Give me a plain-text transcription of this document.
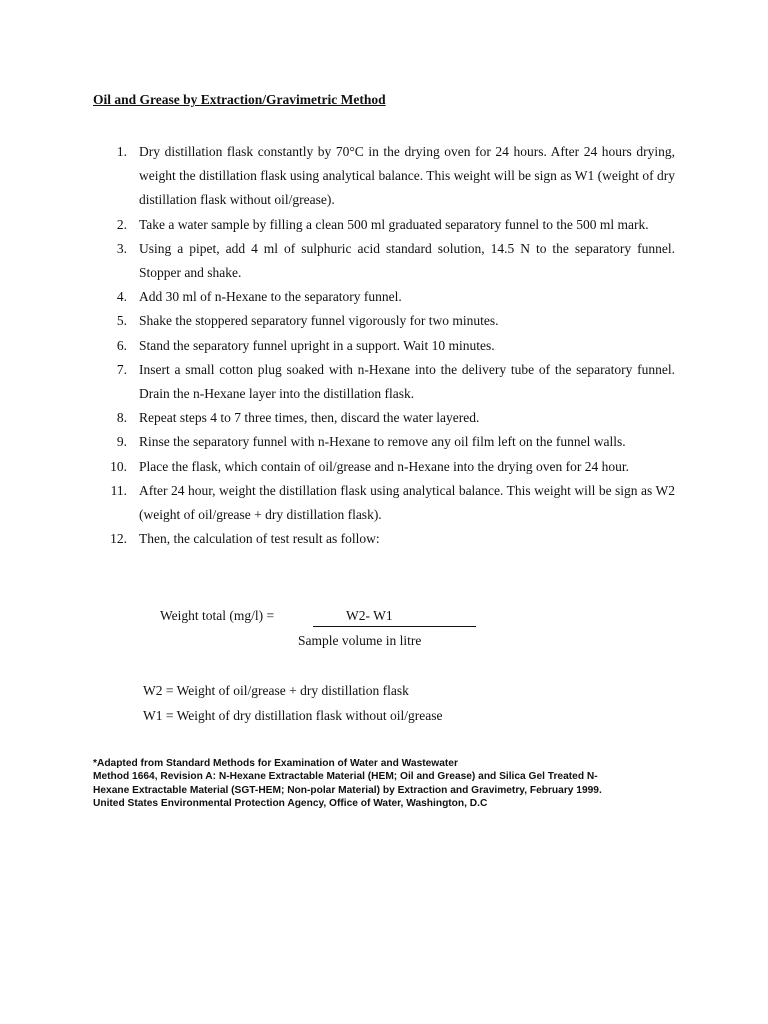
Oil and Grease by Extraction/Gravimetric Method
1. Dry distillation flask constantly by 70°C in the drying oven for 24 hours. After 24 hours drying, weight the distillation flask using analytical balance. This weight will be sign as W1 (weight of dry distillation flask without oil/grease).
2. Take a water sample by filling a clean 500 ml graduated separatory funnel to the 500 ml mark.
3. Using a pipet, add 4 ml of sulphuric acid standard solution, 14.5 N to the separatory funnel. Stopper and shake.
4. Add 30 ml of n-Hexane to the separatory funnel.
5. Shake the stoppered separatory funnel vigorously for two minutes.
6. Stand the separatory funnel upright in a support. Wait 10 minutes.
7. Insert a small cotton plug soaked with n-Hexane into the delivery tube of the separatory funnel. Drain the n-Hexane layer into the distillation flask.
8. Repeat steps 4 to 7 three times, then, discard the water layered.
9. Rinse the separatory funnel with n-Hexane to remove any oil film left on the funnel walls.
10. Place the flask, which contain of oil/grease and n-Hexane into the drying oven for 24 hour.
11. After 24 hour, weight the distillation flask using analytical balance. This weight will be sign as W2 (weight of oil/grease + dry distillation flask).
12. Then, the calculation of test result as follow:
Weight total (mg/l) =	W2- W1
Sample volume in litre
W2 = Weight of oil/grease + dry distillation flask
W1 = Weight of dry distillation flask without oil/grease
*Adapted from Standard Methods for Examination of Water and Wastewater
Method 1664, Revision A: N-Hexane Extractable Material (HEM; Oil and Grease) and Silica Gel Treated N-
Hexane Extractable Material (SGT-HEM; Non-polar Material) by Extraction and Gravimetry, February 1999.
United States Environmental Protection Agency, Office of Water, Washington, D.C
